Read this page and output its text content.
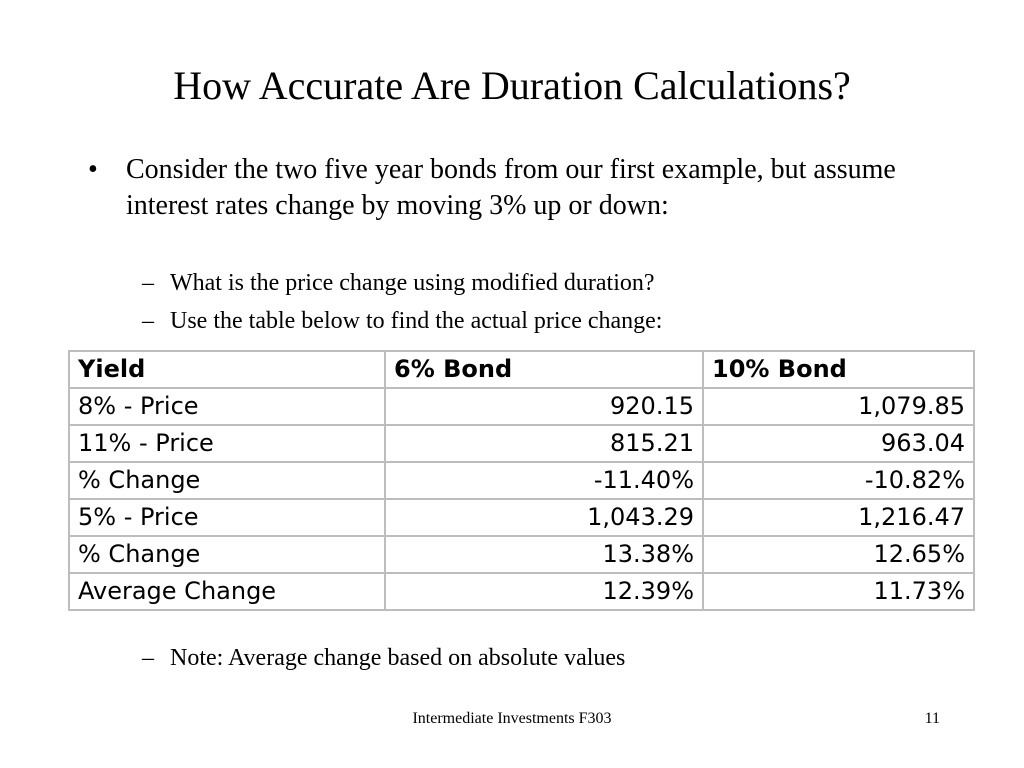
How Accurate Are Duration Calculations?
• Consider the two five year bonds from our first example, but assume interest rates change by moving 3% up or down:
– What is the price change using modified duration?
– Use the table below to find the actual price change:
Yield	6% Bond	10% Bond
8% - Price	920.15	1,079.85
11% - Price	815.21	963.04
% Change	-11.40%	-10.82%
5% - Price	1,043.29	1,216.47
% Change	13.38%	12.65%
Average Change	12.39%	11.73%
– Note: Average change based on absolute values
Intermediate Investments F303	11
